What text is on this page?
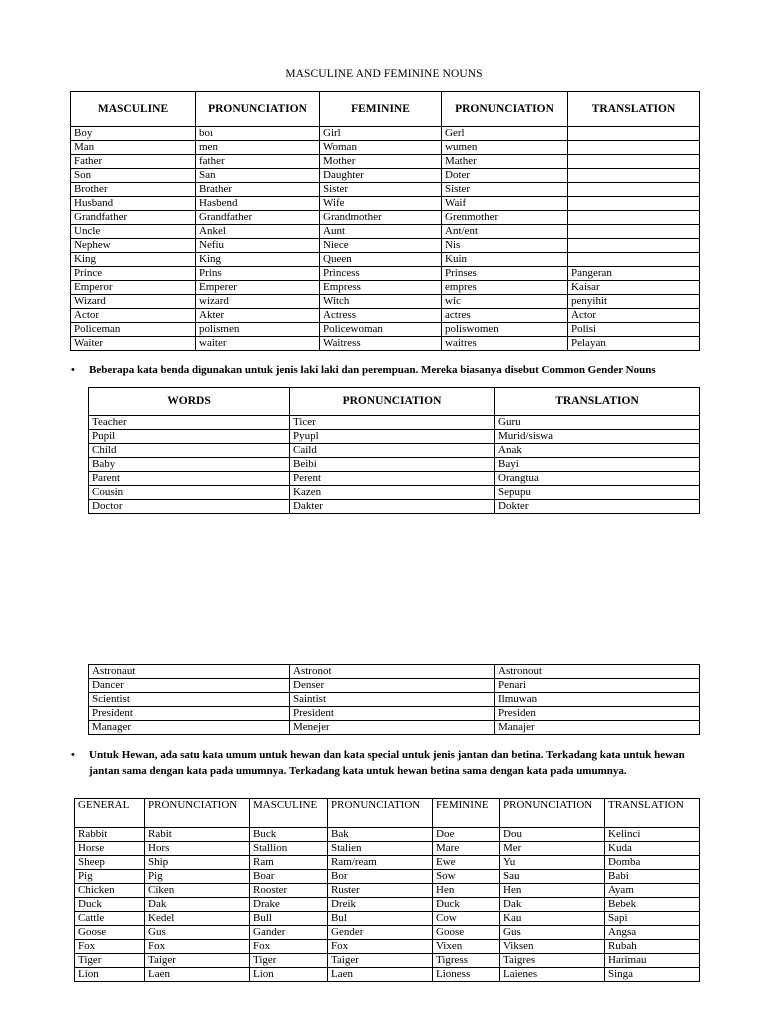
MASCULINE AND FEMININE NOUNS
MASCULINE	PRONUNCIATION	FEMININE	PRONUNCIATION	TRANSLATION
Boy	boı	Girl	Gerl	
Man	men	Woman	wumen	
Father	father	Mother	Mather	
Son	San	Daughter	Doter	
Brother	Brather	Sister	Sister	
Husband	Hasbend	Wife	Waif	
Grandfather	Grandfather	Grandmother	Grenmother	
Uncle	Ankel	Aunt	Ant/ent	
Nephew	Nefiu	Niece	Nis	
King	King	Queen	Kuin	
Prince	Prins	Princess	Prinses	Pangeran
Emperor	Emperer	Empress	empres	Kaisar
Wizard	wizard	Witch	wic	penyihit
Actor	Akter	Actress	actres	Actor
Policeman	polismen	Policewoman	poliswomen	Polisi
Waiter	waiter	Waitress	waitres	Pelayan
• Beberapa kata benda digunakan untuk jenis laki laki dan perempuan. Mereka biasanya disebut Common Gender Nouns
WORDS	PRONUNCIATION	TRANSLATION
Teacher	Ticer	Guru
Pupil	Pyupl	Murid/siswa
Child	Caild	Anak
Baby	Beibi	Bayi
Parent	Perent	Orangtua
Cousin	Kazen	Sepupu
Doctor	Dakter	Dokter
Astronaut	Astronot	Astronout
Dancer	Denser	Penari
Scientist	Saintist	Ilmuwan
President	President	Presiden
Manager	Menejer	Manajer
• Untuk Hewan, ada satu kata umum untuk hewan dan kata special untuk jenis jantan dan betina. Terkadang kata untuk hewan jantan sama dengan kata pada umumnya. Terkadang kata untuk hewan betina sama dengan kata pada umumnya.
GENERAL	PRONUNCIATION	MASCULINE	PRONUNCIATION	FEMININE	PRONUNCIATION	TRANSLATION
Rabbit	Rabit	Buck	Bak	Doe	Dou	Kelinci
Horse	Hors	Stallion	Stalien	Mare	Mer	Kuda
Sheep	Ship	Ram	Ram/ream	Ewe	Yu	Domba
Pig	Pig	Boar	Bor	Sow	Sau	Babi
Chicken	Ciken	Rooster	Ruster	Hen	Hen	Ayam
Duck	Dak	Drake	Dreik	Duck	Dak	Bebek
Cattle	Kedel	Bull	Bul	Cow	Kau	Sapi
Goose	Gus	Gander	Gender	Goose	Gus	Angsa
Fox	Fox	Fox	Fox	Vixen	Viksen	Rubah
Tiger	Taiger	Tiger	Taiger	Tigress	Taigres	Harimau
Lion	Laen	Lion	Laen	Lioness	Laienes	Singa
